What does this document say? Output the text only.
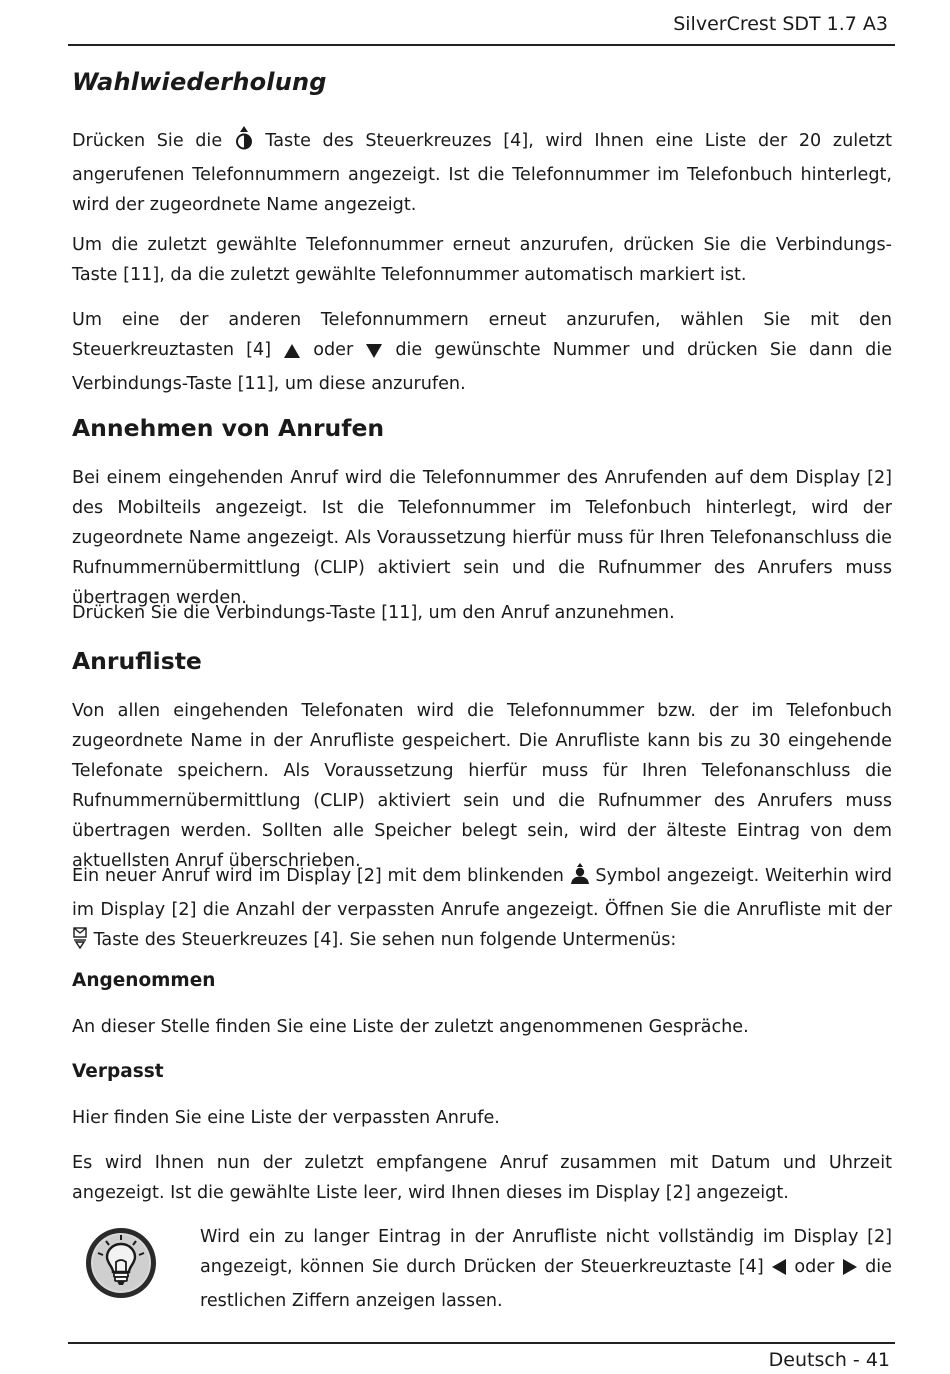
SilverCrest SDT 1.7 A3
Wahlwiederholung

Drücken Sie die Taste des Steuerkreuzes [4], wird Ihnen eine Liste der 20 zuletzt angerufenen Telefonnummern angezeigt. Ist die Telefonnummer im Telefonbuch hinterlegt, wird der zugeordnete Name angezeigt.

Um die zuletzt gewählte Telefonnummer erneut anzurufen, drücken Sie die Verbindungs-Taste [11], da die zuletzt gewählte Telefonnummer automatisch markiert ist.

Um eine der anderen Telefonnummern erneut anzurufen, wählen Sie mit den Steuerkreuztasten [4] oder die gewünschte Nummer und drücken Sie dann die Verbindungs-Taste [11], um diese anzurufen.

Annehmen von Anrufen

Bei einem eingehenden Anruf wird die Telefonnummer des Anrufenden auf dem Display [2] des Mobilteils angezeigt. Ist die Telefonnummer im Telefonbuch hinterlegt, wird der zugeordnete Name angezeigt. Als Voraussetzung hierfür muss für Ihren Telefonanschluss die Rufnummernübermittlung (CLIP) aktiviert sein und die Rufnummer des Anrufers muss übertragen werden.

Drücken Sie die Verbindungs-Taste [11], um den Anruf anzunehmen.

Anrufliste

Von allen eingehenden Telefonaten wird die Telefonnummer bzw. der im Telefonbuch zugeordnete Name in der Anrufliste gespeichert. Die Anrufliste kann bis zu 30 eingehende Telefonate speichern. Als Voraussetzung hierfür muss für Ihren Telefonanschluss die Rufnummernübermittlung (CLIP) aktiviert sein und die Rufnummer des Anrufers muss übertragen werden. Sollten alle Speicher belegt sein, wird der älteste Eintrag von dem aktuellsten Anruf überschrieben.

Ein neuer Anruf wird im Display [2] mit dem blinkenden Symbol angezeigt. Weiterhin wird im Display [2] die Anzahl der verpassten Anrufe angezeigt. Öffnen Sie die Anrufliste mit der  Taste des Steuerkreuzes [4]. Sie sehen nun folgende Untermenüs:

Angenommen

An dieser Stelle finden Sie eine Liste der zuletzt angenommenen Gespräche.

Verpasst

Hier finden Sie eine Liste der verpassten Anrufe.

Es wird Ihnen nun der zuletzt empfangene Anruf zusammen mit Datum und Uhrzeit angezeigt. Ist die gewählte Liste leer, wird Ihnen dieses im Display [2] angezeigt.

Wird ein zu langer Eintrag in der Anrufliste nicht vollständig im Display [2] angezeigt, können Sie durch Drücken der Steuerkreuztaste [4] oder die restlichen Ziffern anzeigen lassen.

Deutsch - 41
